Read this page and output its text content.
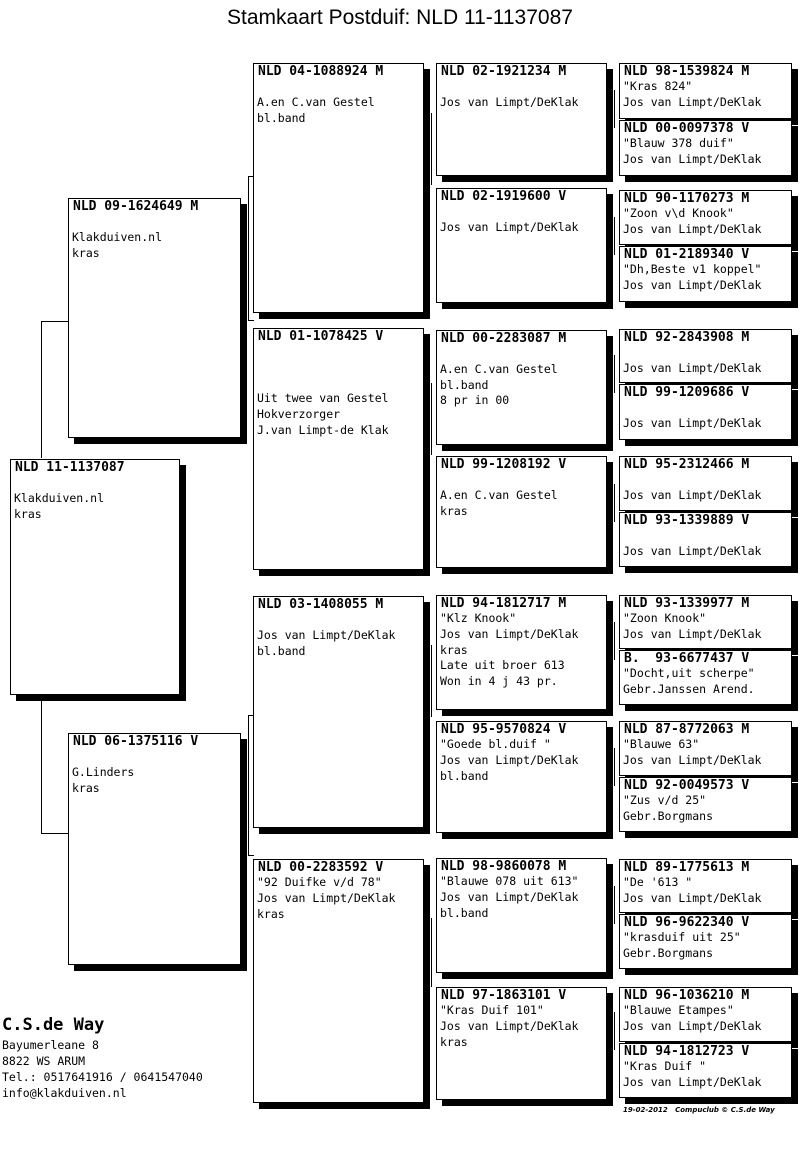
Stamkaart Postduif: NLD 11-1137087
NLD 11-1137087

Klakduiven.nl
kras
NLD 09-1624649 M

Klakduiven.nl
kras
NLD 06-1375116 V

G.Linders
kras
NLD 04-1088924 M

A.en C.van Gestel
bl.band
NLD 01-1078425 V

Uit twee van Gestel
Hokverzorger
J.van Limpt-de Klak
NLD 03-1408055 M

Jos van Limpt/DeKlak
bl.band
NLD 00-2283592 V
"92 Duifke v/d 78"
Jos van Limpt/DeKlak
kras
NLD 02-1921234 M

Jos van Limpt/DeKlak
NLD 02-1919600 V

Jos van Limpt/DeKlak
NLD 00-2283087 M

A.en C.van Gestel
bl.band
8 pr in 00
NLD 99-1208192 V

A.en C.van Gestel
kras
NLD 94-1812717 M
"Klz Knook"
Jos van Limpt/DeKlak
kras
Late uit broer 613
Won in 4 j 43 pr.
NLD 95-9570824 V
"Goede bl.duif "
Jos van Limpt/DeKlak
bl.band
NLD 98-9860078 M
"Blauwe 078 uit 613"
Jos van Limpt/DeKlak
bl.band
NLD 97-1863101 V
"Kras Duif 101"
Jos van Limpt/DeKlak
kras
NLD 98-1539824 M
"Kras 824"
Jos van Limpt/DeKlak
NLD 00-0097378 V
"Blauw 378 duif"
Jos van Limpt/DeKlak
NLD 90-1170273 M
"Zoon v\d Knook"
Jos van Limpt/DeKlak
NLD 01-2189340 V
"Dh,Beste v1 koppel"
Jos van Limpt/DeKlak
NLD 92-2843908 M

Jos van Limpt/DeKlak
NLD 99-1209686 V

Jos van Limpt/DeKlak
NLD 95-2312466 M

Jos van Limpt/DeKlak
NLD 93-1339889 V

Jos van Limpt/DeKlak
NLD 93-1339977 M
"Zoon Knook"
Jos van Limpt/DeKlak
B.  93-6677437 V
"Docht,uit scherpe"
Gebr.Janssen Arend.
NLD 87-8772063 M
"Blauwe 63"
Jos van Limpt/DeKlak
NLD 92-0049573 V
"Zus v/d 25"
Gebr.Borgmans
NLD 89-1775613 M
"De '613 "
Jos van Limpt/DeKlak
NLD 96-9622340 V
"krasduif uit 25"
Gebr.Borgmans
NLD 96-1036210 M
"Blauwe Etampes"
Jos van Limpt/DeKlak
NLD 94-1812723 V
"Kras Duif "
Jos van Limpt/DeKlak
C.S.de Way
Bayumerleane 8
8822 WS ARUM
Tel.: 0517641916 / 0641547040
info@klakduiven.nl
19-02-2012   Compuclub © C.S.de Way
